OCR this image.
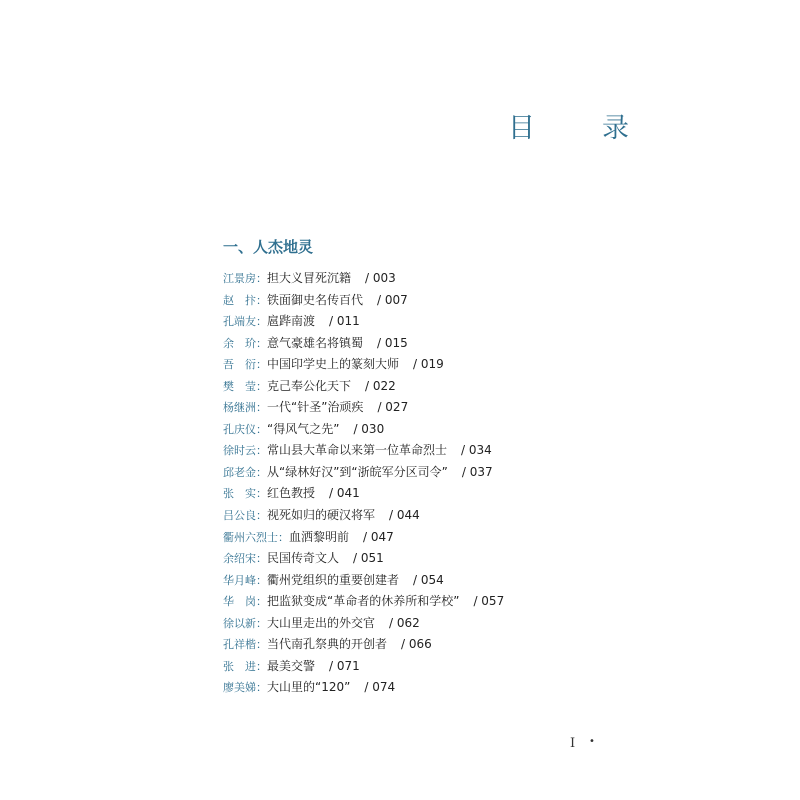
目　录
一、人杰地灵
江景房： 担大义冒死沉籍 / 003
赵　抃： 铁面御史名传百代 / 007
孔端友： 扈跸南渡 / 011
余　玠： 意气豪雄名将镇蜀 / 015
吾　衍： 中国印学史上的篆刻大师 / 019
樊　莹： 克己奉公化天下 / 022
杨继洲： 一代“针圣”治顽疾 / 027
孔庆仪： “得风气之先” / 030
徐时云： 常山县大革命以来第一位革命烈士 / 034
邱老金： 从“绿林好汉”到“浙皖军分区司令” / 037
张　实： 红色教授 / 041
吕公良： 视死如归的硬汉将军 / 044
衢州六烈士： 血洒黎明前 / 047
余绍宋： 民国传奇文人 / 051
华月峰： 衢州党组织的重要创建者 / 054
华　岗： 把监狱变成“革命者的休养所和学校” / 057
徐以新： 大山里走出的外交官 / 062
孔祥楷： 当代南孔祭典的开创者 / 066
张　进： 最美交警 / 071
廖美娣： 大山里的“120” / 074
I •
